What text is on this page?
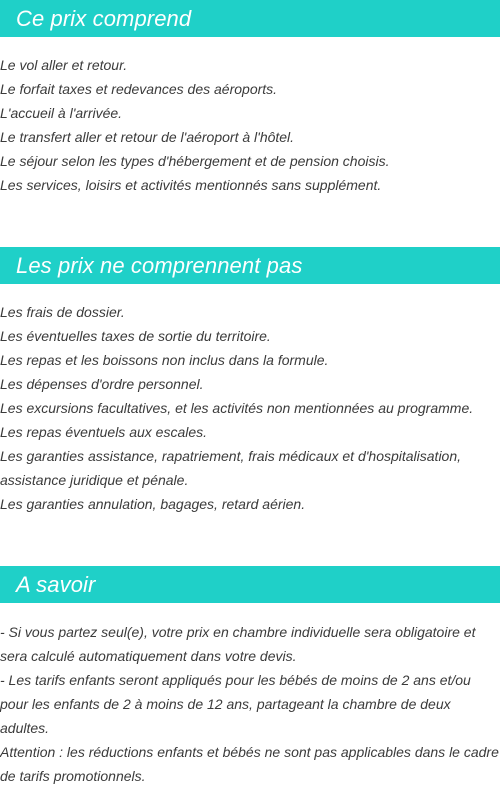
Ce prix comprend
Le vol aller et retour.
Le forfait taxes et redevances des aéroports.
L'accueil à l'arrivée.
Le transfert aller et retour de l'aéroport à l'hôtel.
Le séjour selon les types d'hébergement et de pension choisis.
Les services, loisirs et activités mentionnés sans supplément.
Les prix ne comprennent pas
Les frais de dossier.
Les éventuelles taxes de sortie du territoire.
Les repas et les boissons non inclus dans la formule.
Les dépenses d'ordre personnel.
Les excursions facultatives, et les activités non mentionnées au programme.
Les repas éventuels aux escales.
Les garanties assistance, rapatriement, frais médicaux et d'hospitalisation, assistance juridique et pénale.
Les garanties annulation, bagages, retard aérien.
A savoir
- Si vous partez seul(e), votre prix en chambre individuelle sera obligatoire et sera calculé automatiquement dans votre devis.
- Les tarifs enfants seront appliqués pour les bébés de moins de 2 ans et/ou pour les enfants de 2 à moins de 12 ans, partageant la chambre de deux adultes.
Attention : les réductions enfants et bébés ne sont pas applicables dans le cadre de tarifs promotionnels.
